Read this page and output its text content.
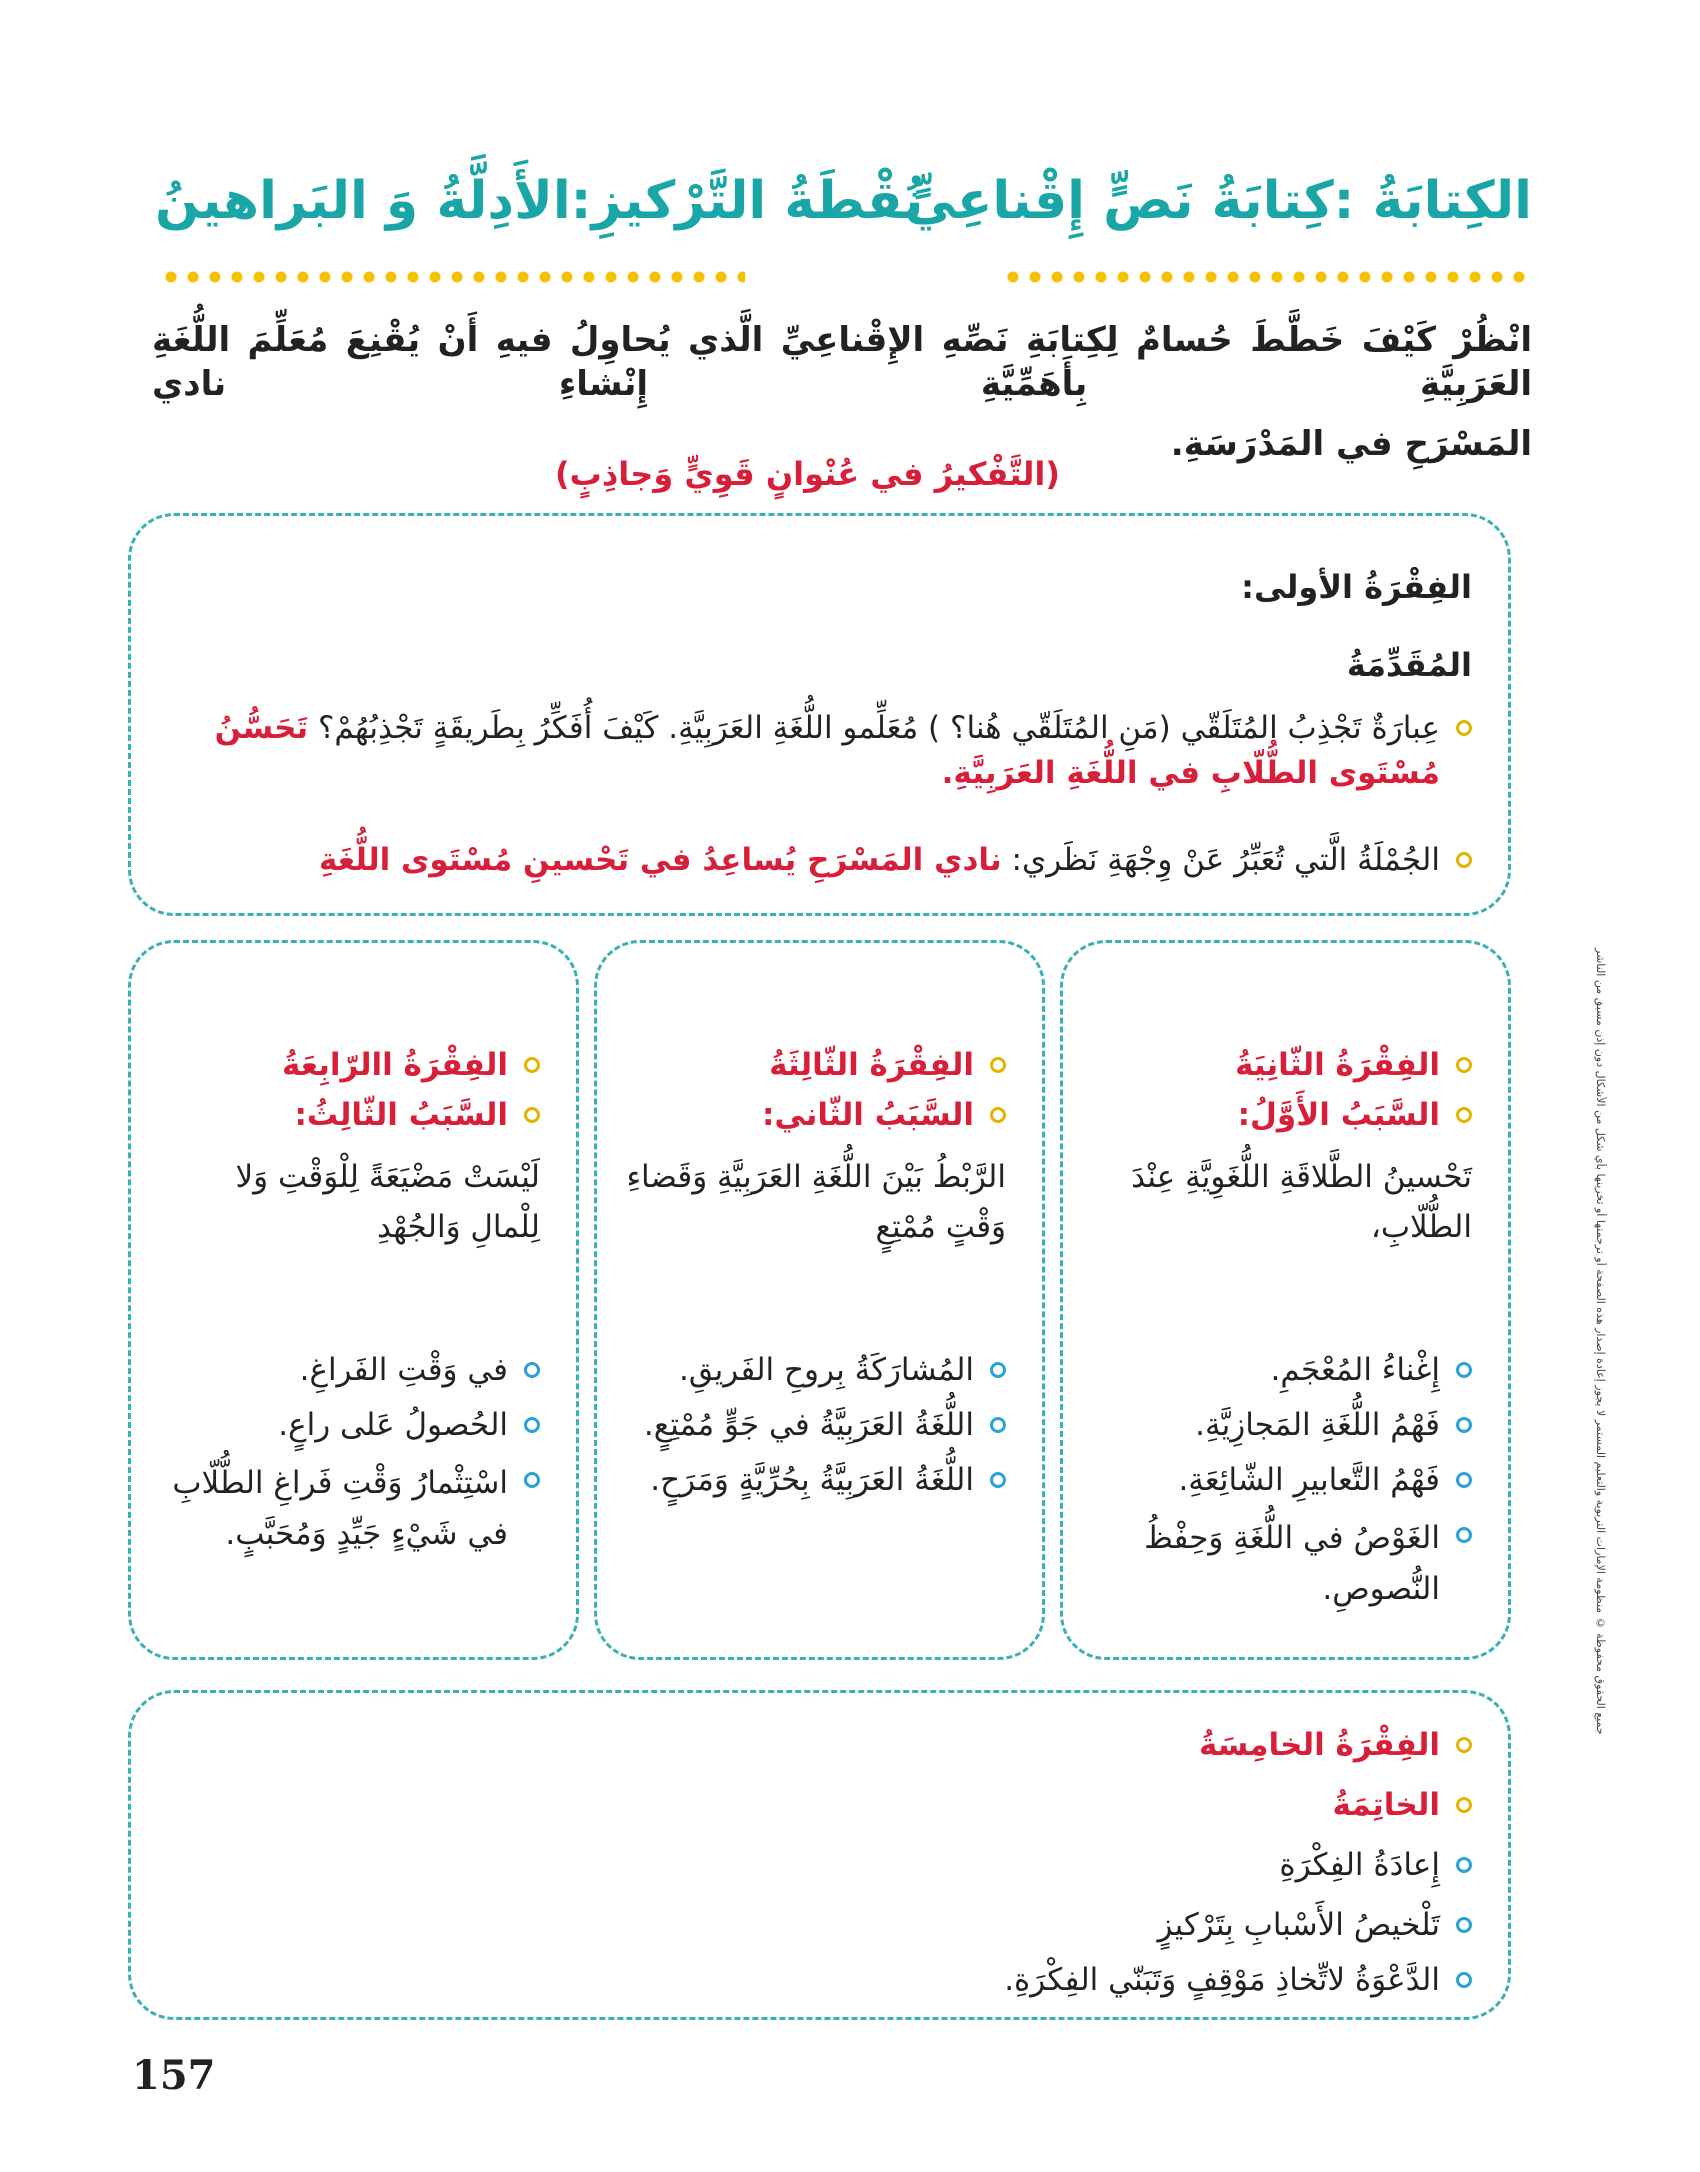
الكِتابَةُ :كِتابَةُ نَصٍّ إِقْناعِيٍّ
نُقْطَةُ التَّرْكيزِ:الأَدِلَّةُ وَ البَراهينُ
انْظُرْ كَيْفَ خَطَّطَ حُسامٌ لِكِتابَةِ نَصِّهِ الإِقْناعِيِّ الَّذي يُحاوِلُ فيهِ أَنْ يُقْنِعَ مُعَلِّمَ اللُّغَةِ العَرَبِيَّةِ بِأَهَمِّيَّةِ إِنْشاءِ نادي
المَسْرَحِ في المَدْرَسَةِ.
(التَّفْكيرُ في عُنْوانٍ قَوِيٍّ وَجاذِبٍ)
الفِقْرَةُ الأولى:
المُقَدِّمَةُ
عِبارَةٌ تَجْذِبُ المُتَلَقّي (مَنِ المُتَلَقّي هُنا؟ ) مُعَلِّمو اللُّغَةِ العَرَبِيَّةِ. كَيْفَ أُفَكِّرُ بِطَريقَةٍ تَجْذِبُهُمْ؟ تَحَسُّنُ مُسْتَوى الطُّلّابِ في اللُّغَةِ العَرَبِيَّةِ.
الجُمْلَةُ الَّتي تُعَبِّرُ عَنْ وِجْهَةِ نَظَري: نادي المَسْرَحِ يُساعِدُ في تَحْسينِ مُسْتَوى اللُّغَةِ
الفِقْرَةُ الثّانِيَةُ
السَّبَبُ الأَوَّلُ:
تَحْسينُ الطَّلاقَةِ اللُّغَوِيَّةِ عِنْدَ الطُّلّابِ،
إِغْناءُ المُعْجَمِ.
فَهْمُ اللُّغَةِ المَجازِيَّةِ.
فَهْمُ التَّعابيرِ الشّائِعَةِ.
الغَوْصُ في اللُّغَةِ وَحِفْظُ النُّصوصِ.
الفِقْرَةُ الثّالِثَةُ
السَّبَبُ الثّاني:
الرَّبْطُ بَيْنَ اللُّغَةِ العَرَبِيَّةِ وَقَضاءِ وَقْتٍ مُمْتِعٍ
المُشارَكَةُ بِروحِ الفَريقِ.
اللُّغَةُ العَرَبِيَّةُ في جَوٍّ مُمْتِعٍ.
اللُّغَةُ العَرَبِيَّةُ بِحُرِّيَّةٍ وَمَرَحٍ.
الفِقْرَةُ االرّابِعَةُ
السَّبَبُ الثّالِثُ:
لَيْسَتْ مَضْيَعَةً لِلْوَقْتِ وَلا لِلْمالِ وَالجُهْدِ
في وَقْتِ الفَراغِ.
الحُصولُ عَلى راعٍ.
اسْتِثْمارُ وَقْتِ فَراغِ الطُّلّابِ في شَيْءٍ جَيِّدٍ وَمُحَبَّبٍ.
الفِقْرَةُ الخامِسَةُ
الخاتِمَةُ
إِعادَةُ الفِكْرَةِ
تَلْخيصُ الأَسْبابِ بِتَرْكيزٍ
الدَّعْوَةُ لاتِّخاذِ مَوْقِفٍ وَتَبَنّي الفِكْرَةِ.
جميع الحقوق محفوظة © منظومة الإمارات التربوية والتعليم المستمر لا يجوز إعادة إصدار هذه الصفحة أو ترجمتها أو تخزينها بأي شكل من الأشكال دون إذن مسبق من الناشر
157
